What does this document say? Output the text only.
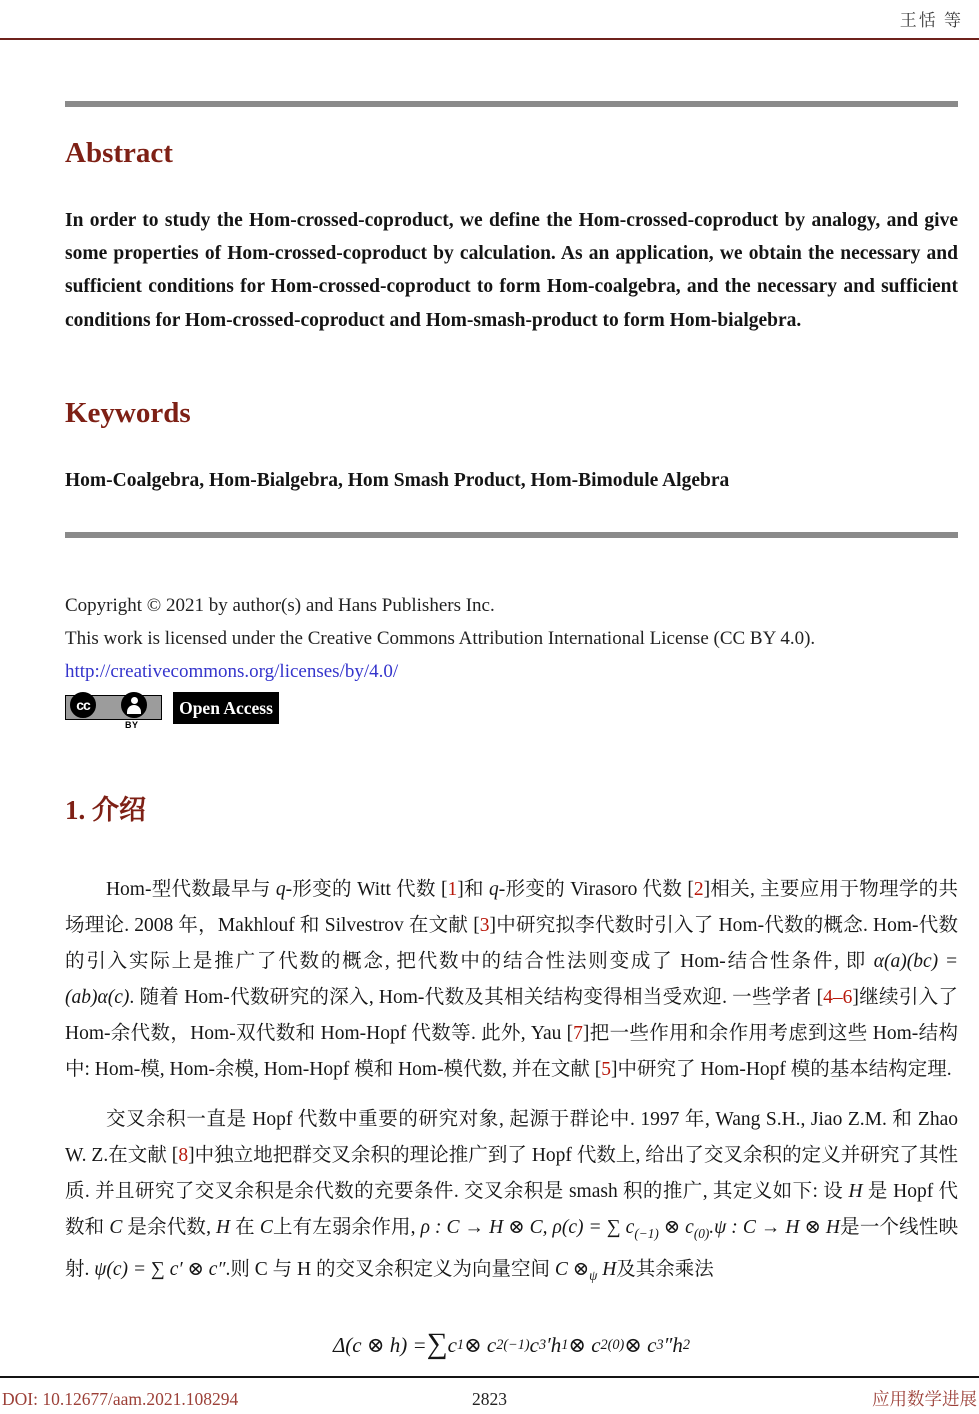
王恬 等
Abstract

In order to study the Hom-crossed-coproduct, we define the Hom-crossed-coproduct by analogy, and give some properties of Hom-crossed-coproduct by calculation. As an application, we obtain the necessary and sufficient conditions for Hom-crossed-coproduct to form Hom-coalgebra, and the necessary and sufficient conditions for Hom-crossed-coproduct and Hom-smash-product to form Hom-bialgebra.

Keywords

Hom-Coalgebra, Hom-Bialgebra, Hom Smash Product, Hom-Bimodule Algebra

Copyright © 2021 by author(s) and Hans Publishers Inc.

This work is licensed under the Creative Commons Attribution International License (CC BY 4.0).

http://creativecommons.org/licenses/by/4.0/

cc
BY
Open Access
1. 介绍

Hom-型代数最早与 q-形变的 Witt 代数 [1]和 q-形变的 Virasoro 代数 [2]相关, 主要应用于物理学的共场理论. 2008 年，Makhlouf 和 Silvestrov 在文献 [3]中研究拟李代数时引入了 Hom-代数的概念. Hom-代数的引入实际上是推广了代数的概念, 把代数中的结合性法则变成了 Hom-结合性条件, 即 α(a)(bc) = (ab)α(c). 随着 Hom-代数研究的深入, Hom-代数及其相关结构变得相当受欢迎. 一些学者 [4–6]继续引入了 Hom-余代数，Hom-双代数和 Hom-Hopf 代数等. 此外, Yau [7]把一些作用和余作用考虑到这些 Hom-结构中: Hom-模, Hom-余模, Hom-Hopf 模和 Hom-模代数, 并在文献 [5]中研究了 Hom-Hopf 模的基本结构定理.

交叉余积一直是 Hopf 代数中重要的研究对象, 起源于群论中. 1997 年, Wang S.H., Jiao Z.M. 和 Zhao W. Z.在文献 [8]中独立地把群交叉余积的理论推广到了 Hopf 代数上, 给出了交叉余积的定义并研究了其性质. 并且研究了交叉余积是余代数的充要条件. 交叉余积是 smash 积的推广, 其定义如下: 设 H 是 Hopf 代数和 C 是余代数, H 在 C上有左弱余作用, ρ : C → H ⊗ C, ρ(c) = ∑ $c_{(-1)}$ ⊗ $c_{(0)}.\psi$ : C → H ⊗ H是一个线性映射. ψ(c) = ∑ c′ ⊗ c″.则 C 与 H 的交叉余积定义为向量空间 C $\otimes_\psi$ H及其余乘法

Δ(c ⊗ h) = ∑ c 1 ⊗ c 2(−1) c 3 ′h 1 ⊗ c 2(0) ⊗ c 3 ″h 2
DOI: 10.12677/aam.2021.108294	2823	应用数学进展
